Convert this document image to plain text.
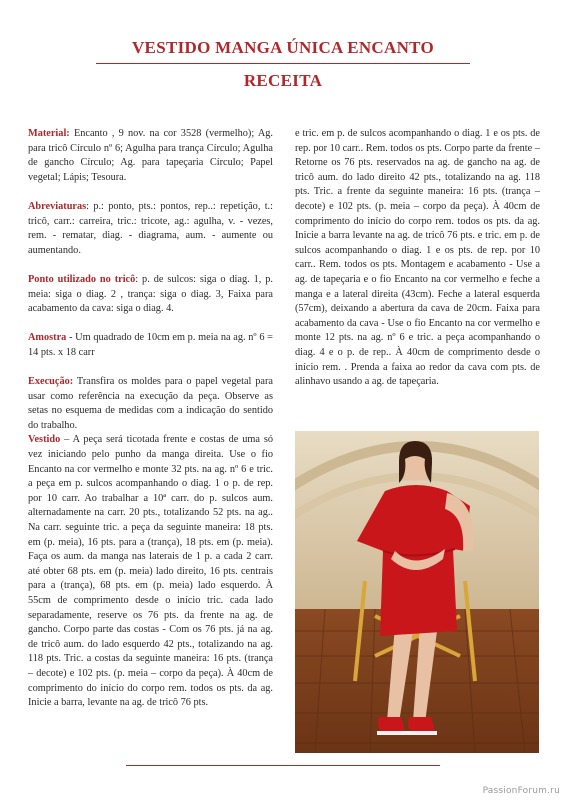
VESTIDO MANGA ÚNICA ENCANTO
RECEITA

Material: Encanto , 9 nov. na cor 3528 (vermelho); Ag. para tricô Círculo nº 6; Agulha para trança Círculo; Agulha de gancho Círculo; Ag. para tapeçaria Círculo; Papel vegetal; Lápis; Tesoura.

Abreviaturas: p.: ponto, pts.: pontos, rep..: repetição, t.: tricô, carr.: carreira, tric.: tricote, ag.: agulha, v. - vezes, rem. - rematar, diag. - diagrama, aum. - aumente ou aumentando.

Ponto utilizado no tricô: p. de sulcos: siga o diag. 1, p. meia: siga o diag. 2 , trança: siga o diag. 3, Faixa para acabamento da cava: siga o diag. 4.

Amostra - Um quadrado de 10cm em p. meia na ag. nº 6 = 14 pts. x 18 carr

Execução: Transfira os moldes para o papel vegetal para usar como referência na execução da peça. Observe as setas no esquema de medidas com a indicação do sentido do trabalho.

Vestido – A peça será ticotada frente e costas de uma só vez iniciando pelo punho da manga direita. Use o fio Encanto na cor vermelho e monte 32 pts. na ag. nº 6 e tric. a peça em p. sulcos acompanhando o diag. 1 o p. de rep. por 10 carr. Ao trabalhar a 10ª carr. do p. sulcos aum. alternadamente na carr. 20 pts., totalizando 52 pts. na ag.. Na carr. seguinte tric. a peça da seguinte maneira: 18 pts. em (p. meia), 16 pts. para a (trança), 18 pts. em (p. meia). Faça os aum. da manga nas laterais de 1 p. a cada 2 carr. até obter 68 pts. em (p. meia) lado direito, 16 pts. centrais para a (trança), 68 pts. em (p. meia) lado esquerdo. À 55cm de comprimento desde o início tric. cada lado separadamente, reserve os 76 pts. da frente na ag. de gancho. Corpo parte das costas - Com os 76 pts. já na ag. de tricô aum. do lado esquerdo 42 pts., totalizando na ag. 118 pts. Tric. a costas da seguinte maneira: 16 pts. (trança – decote) e 102 pts. (p. meia – corpo da peça). À 40cm de comprimento do início do corpo rem. todos os pts. da ag. Inicie a barra, levante na ag. de tricô 76 pts.

e tric. em p. de sulcos acompanhando o diag. 1 e os pts. de rep. por 10 carr.. Rem. todos os pts. Corpo parte da frente – Retorne os 76 pts. reservados na ag. de gancho na ag. de tricô aum. do lado direito 42 pts., totalizando na ag. 118 pts. Tric. a frente da seguinte maneira: 16 pts. (trança – decote) e 102 pts. (p. meia – corpo da peça). À 40cm de comprimento do início do corpo rem. todos os pts. da ag. Inicie a barra levante na ag. de tricô 76 pts. e tric. em p. de sulcos acompanhando o diag. 1 e os pts. de rep. por 10 carr.. Rem. todos os pts. Montagem e acabamento - Use a ag. de tapeçaria e o fio Encanto na cor vermelho e feche a manga e a lateral direita (43cm). Feche a lateral esquerda (57cm), deixando a abertura da cava de 20cm. Faixa para acabamento da cava - Use o fio Encanto na cor vermelho e monte 12 pts. na ag. nº 6 e tric. a peça acompanhando o diag. 4 e o p. de rep.. À 40cm de comprimento desde o início rem. . Prenda a faixa ao redor da cava com pts. de alinhavo usando a ag. de tapeçaria.

PassionForum.ru
